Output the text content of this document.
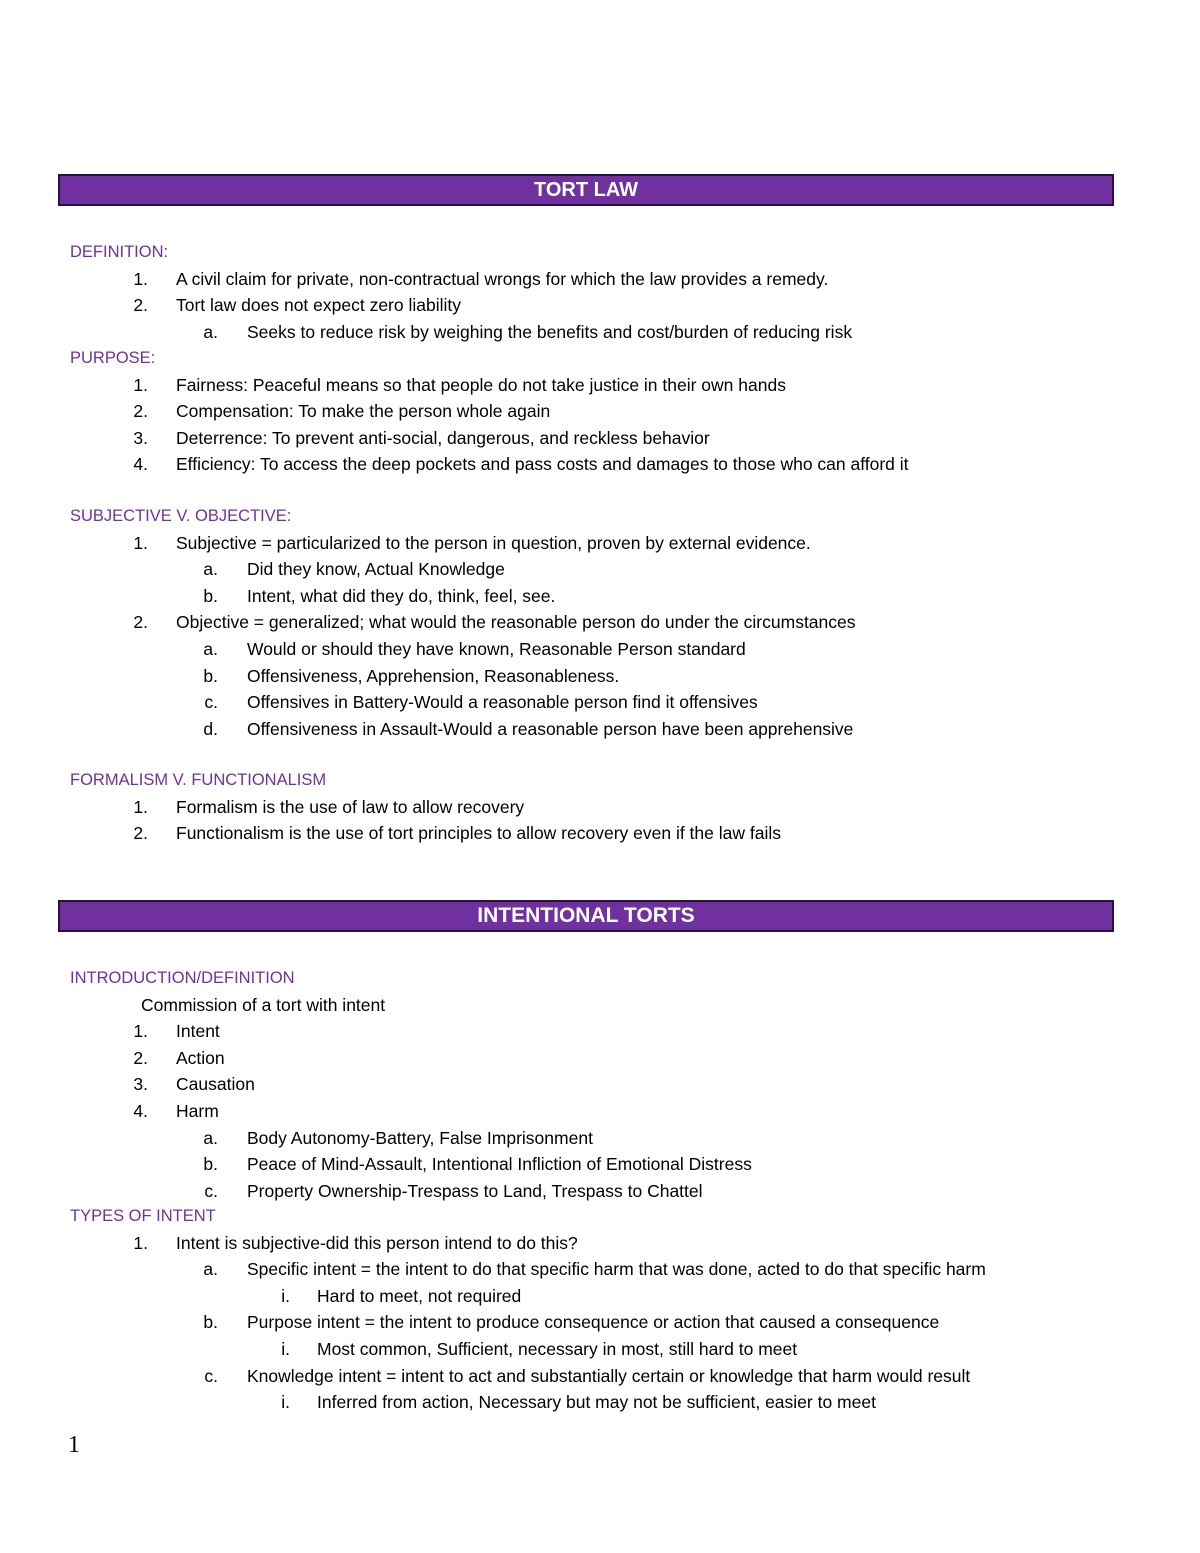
TORT LAW
DEFINITION:
1. A civil claim for private, non-contractual wrongs for which the law provides a remedy.
2. Tort law does not expect zero liability
a. Seeks to reduce risk by weighing the benefits and cost/burden of reducing risk
PURPOSE:
1. Fairness: Peaceful means so that people do not take justice in their own hands
2. Compensation: To make the person whole again
3. Deterrence: To prevent anti-social, dangerous, and reckless behavior
4. Efficiency: To access the deep pockets and pass costs and damages to those who can afford it
SUBJECTIVE V. OBJECTIVE:
1. Subjective = particularized to the person in question, proven by external evidence.
a. Did they know, Actual Knowledge
b. Intent, what did they do, think, feel, see.
2. Objective = generalized; what would the reasonable person do under the circumstances
a. Would or should they have known, Reasonable Person standard
b. Offensiveness, Apprehension, Reasonableness.
c. Offensives in Battery-Would a reasonable person find it offensives
d. Offensiveness in Assault-Would a reasonable person have been apprehensive
FORMALISM V. FUNCTIONALISM
1. Formalism is the use of law to allow recovery
2. Functionalism is the use of tort principles to allow recovery even if the law fails
INTENTIONAL TORTS
INTRODUCTION/DEFINITION
Commission of a tort with intent
1. Intent
2. Action
3. Causation
4. Harm
a. Body Autonomy-Battery, False Imprisonment
b. Peace of Mind-Assault, Intentional Infliction of Emotional Distress
c. Property Ownership-Trespass to Land, Trespass to Chattel
TYPES OF INTENT
1. Intent is subjective-did this person intend to do this?
a. Specific intent = the intent to do that specific harm that was done, acted to do that specific harm
i. Hard to meet, not required
b. Purpose intent = the intent to produce consequence or action that caused a consequence
i. Most common, Sufficient, necessary in most, still hard to meet
c. Knowledge intent = intent to act and substantially certain or knowledge that harm would result
i. Inferred from action, Necessary but may not be sufficient, easier to meet
1
